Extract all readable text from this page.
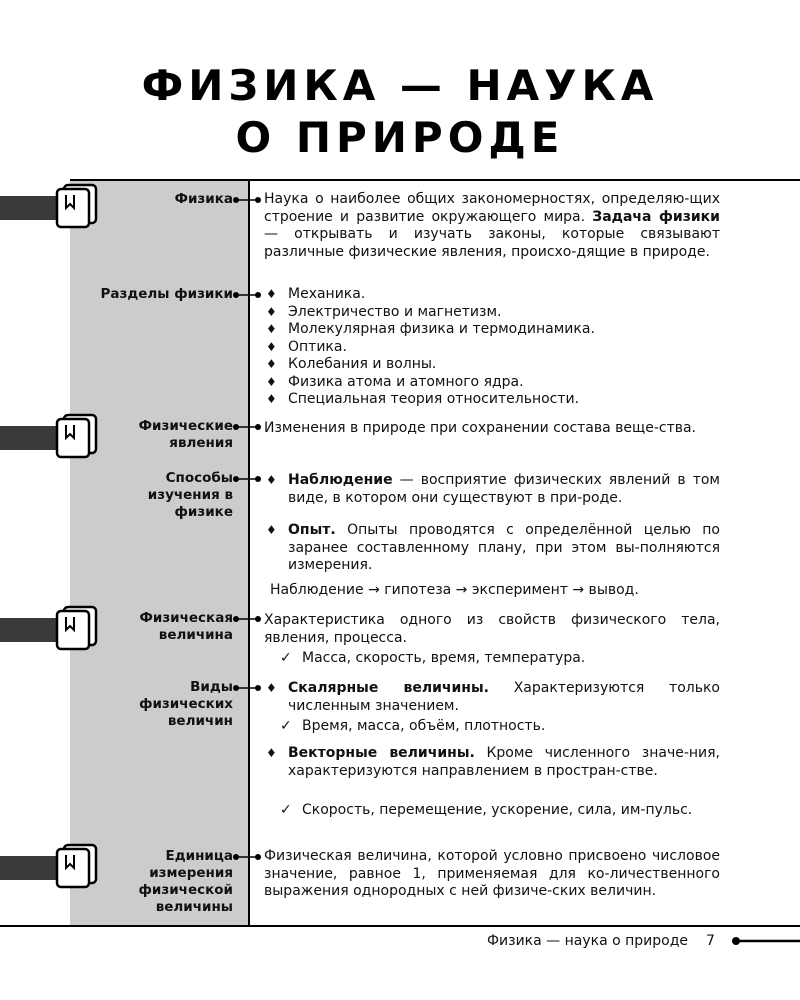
ФИЗИКА — НАУКА
О ПРИРОДЕ
Физика
Разделы физики
Физические явления
Способы изучения в физике
Физическая величина
Виды физических величин
Единица измерения физической величины
Наука о наиболее общих закономерностях, определяю-щих строение и развитие окружающего мира. Задача физики — открывать и изучать законы, которые связывают различные физические явления, происхо-дящие в природе.
♦ Механика.
♦ Электричество и магнетизм.
♦ Молекулярная физика и термодинамика.
♦ Оптика.
♦ Колебания и волны.
♦ Физика атома и атомного ядра.
♦ Специальная теория относительности.
Изменения в природе при сохранении состава веще-ства.
♦ Наблюдение — восприятие физических явлений в том виде, в котором они существуют в при-роде.
♦ Опыт. Опыты проводятся с определённой целью по заранее составленному плану, при этом вы-полняются измерения.
Наблюдение → гипотеза → эксперимент → вывод.
Характеристика одного из свойств физического тела, явления, процесса.
✓ Масса, скорость, время, температура.
♦ Скалярные величины. Характеризуются только численным значением.
✓ Время, масса, объём, плотность.
♦ Векторные величины. Кроме численного значе-ния, характеризуются направлением в простран-стве.
✓ Скорость, перемещение, ускорение, сила, им-пульс.
Физическая величина, которой условно присвоено числовое значение, равное 1, применяемая для ко-личественного выражения однородных с ней физиче-ских величин.
Физика — наука о природе 7
